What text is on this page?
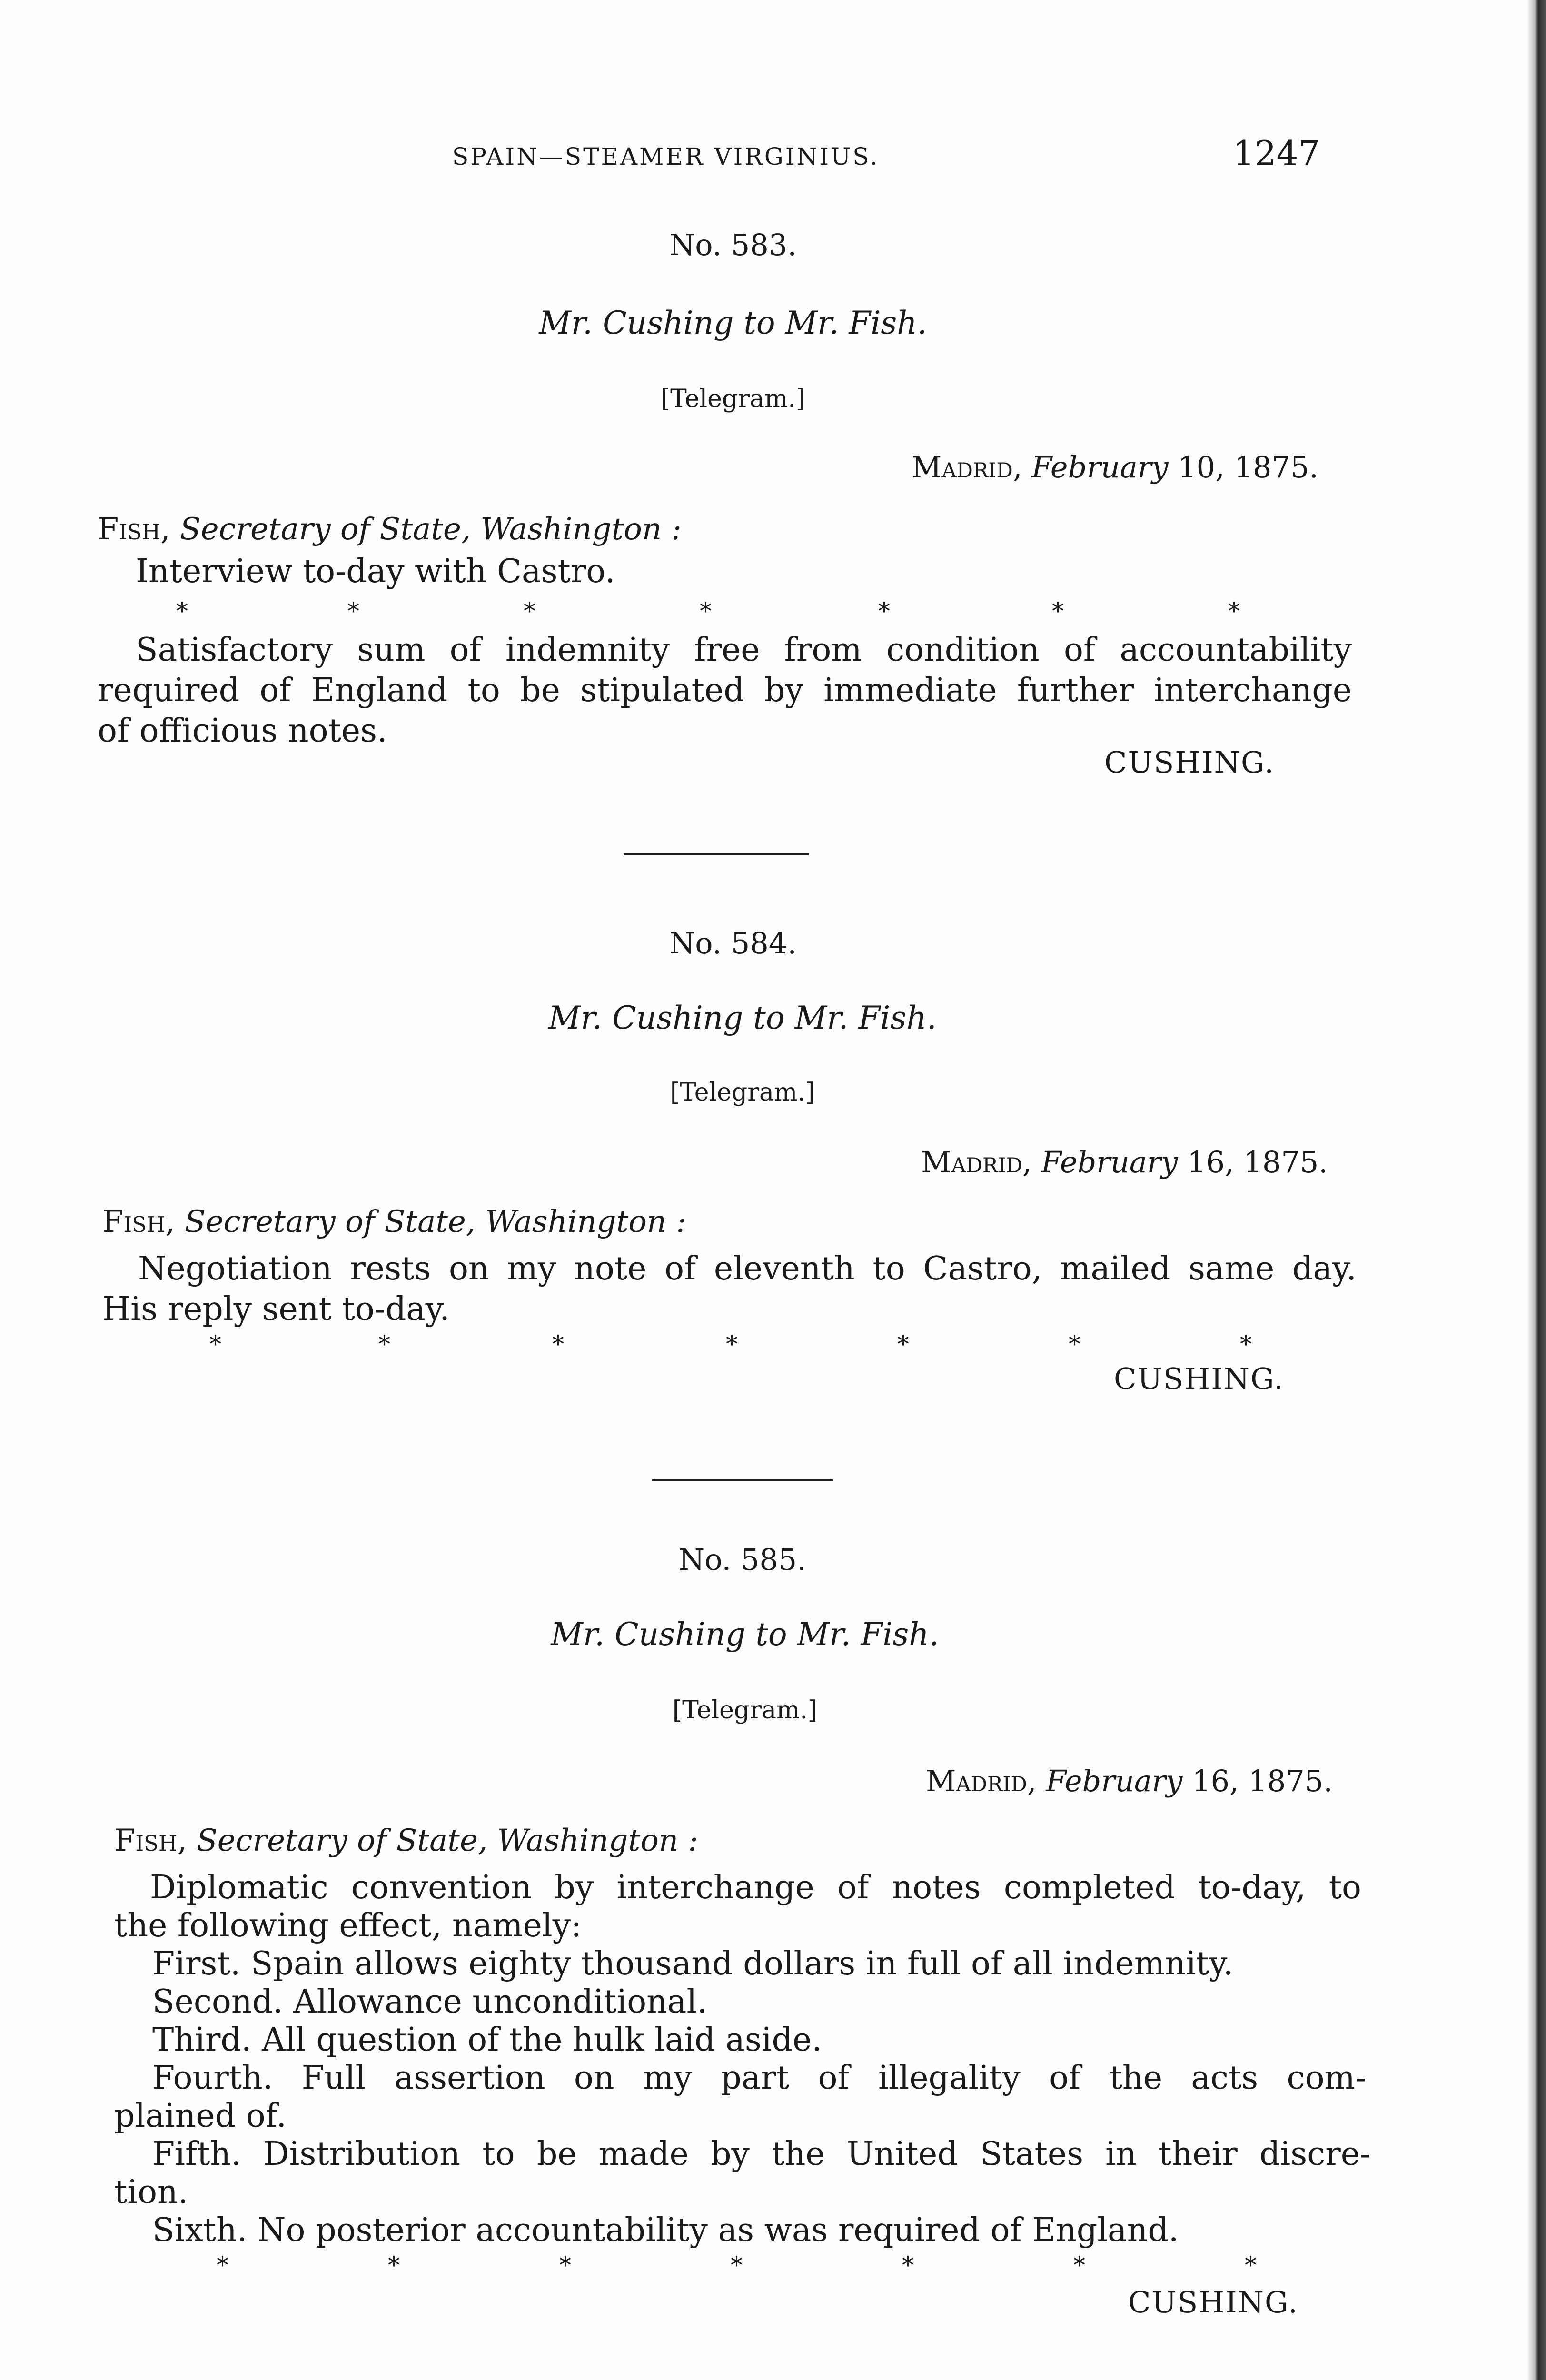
SPAIN—STEAMER VIRGINIUS.	1247
No. 583.
Mr. Cushing to Mr. Fish.
[Telegram.]
Madrid, February 10, 1875.
Fish, Secretary of State, Washington :
Interview to-day with Castro.
*	*	*	*	*	*	*
Satisfactory sum of indemnity free from condition of accountability
required of England to be stipulated by immediate further interchange
of officious notes.
CUSHING.
No. 584.
Mr. Cushing to Mr. Fish.
[Telegram.]
Madrid, February 16, 1875.
Fish, Secretary of State, Washington :
Negotiation rests on my note of eleventh to Castro, mailed same day.
His reply sent to-day.
*	*	*	*	*	*	*
CUSHING.
No. 585.
Mr. Cushing to Mr. Fish.
[Telegram.]
Madrid, February 16, 1875.
Fish, Secretary of State, Washington :
Diplomatic convention by interchange of notes completed to-day, to
the following effect, namely:
First. Spain allows eighty thousand dollars in full of all indemnity.
Second. Allowance unconditional.
Third. All question of the hulk laid aside.
Fourth. Full assertion on my part of illegality of the acts com-
plained of.
Fifth. Distribution to be made by the United States in their discre-
tion.
Sixth. No posterior accountability as was required of England.
*	*	*	*	*	*	*
CUSHING.
